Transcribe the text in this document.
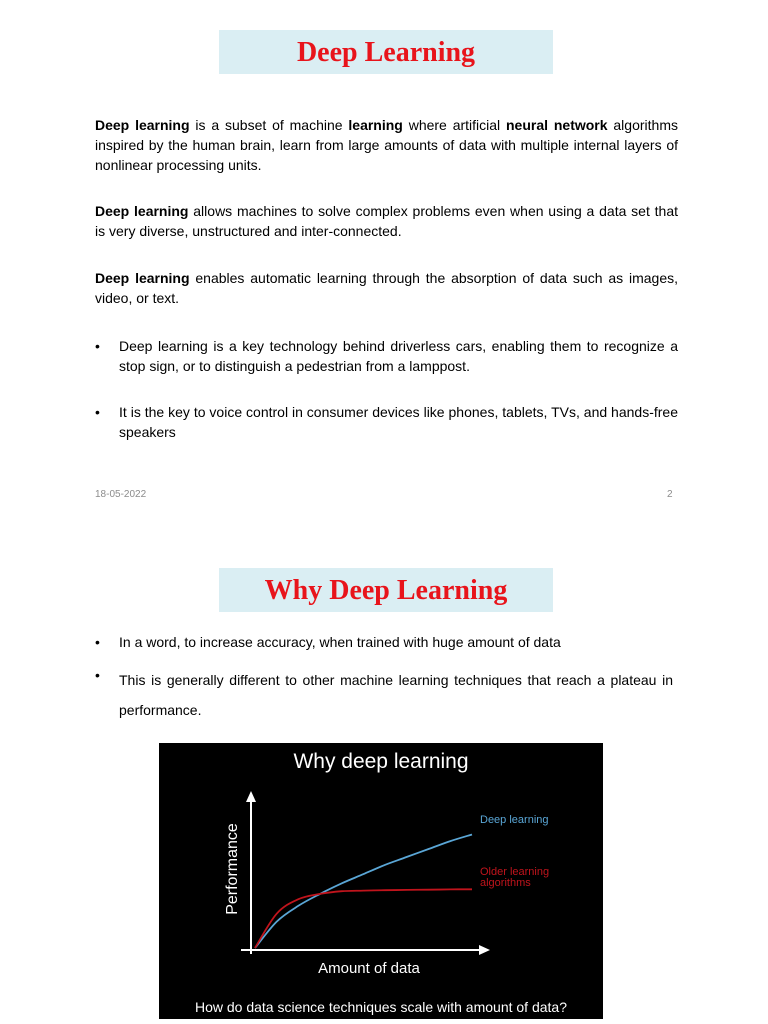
Deep Learning

Deep learning is a subset of machine learning where artificial neural network algorithms inspired by the human brain, learn from large amounts of data with multiple internal layers of nonlinear processing units.

Deep learning allows machines to solve complex problems even when using a data set that is very diverse, unstructured and inter-connected.

Deep learning enables automatic learning through the absorption of data such as images, video, or text.

•	Deep learning is a key technology behind driverless cars, enabling them to recognize a stop sign, or to distinguish a pedestrian from a lamppost.
•	It is the key to voice control in consumer devices like phones, tablets, TVs, and hands-free speakers
18-05-2022	2
Why Deep Learning
•	In a word, to increase accuracy, when trained with huge amount of data
•	This is generally different to other machine learning techniques that reach a plateau in performance.
Why deep learning
Performance
Amount of data
Deep learning
Older learning
algorithms
How do data science techniques scale with amount of data?
